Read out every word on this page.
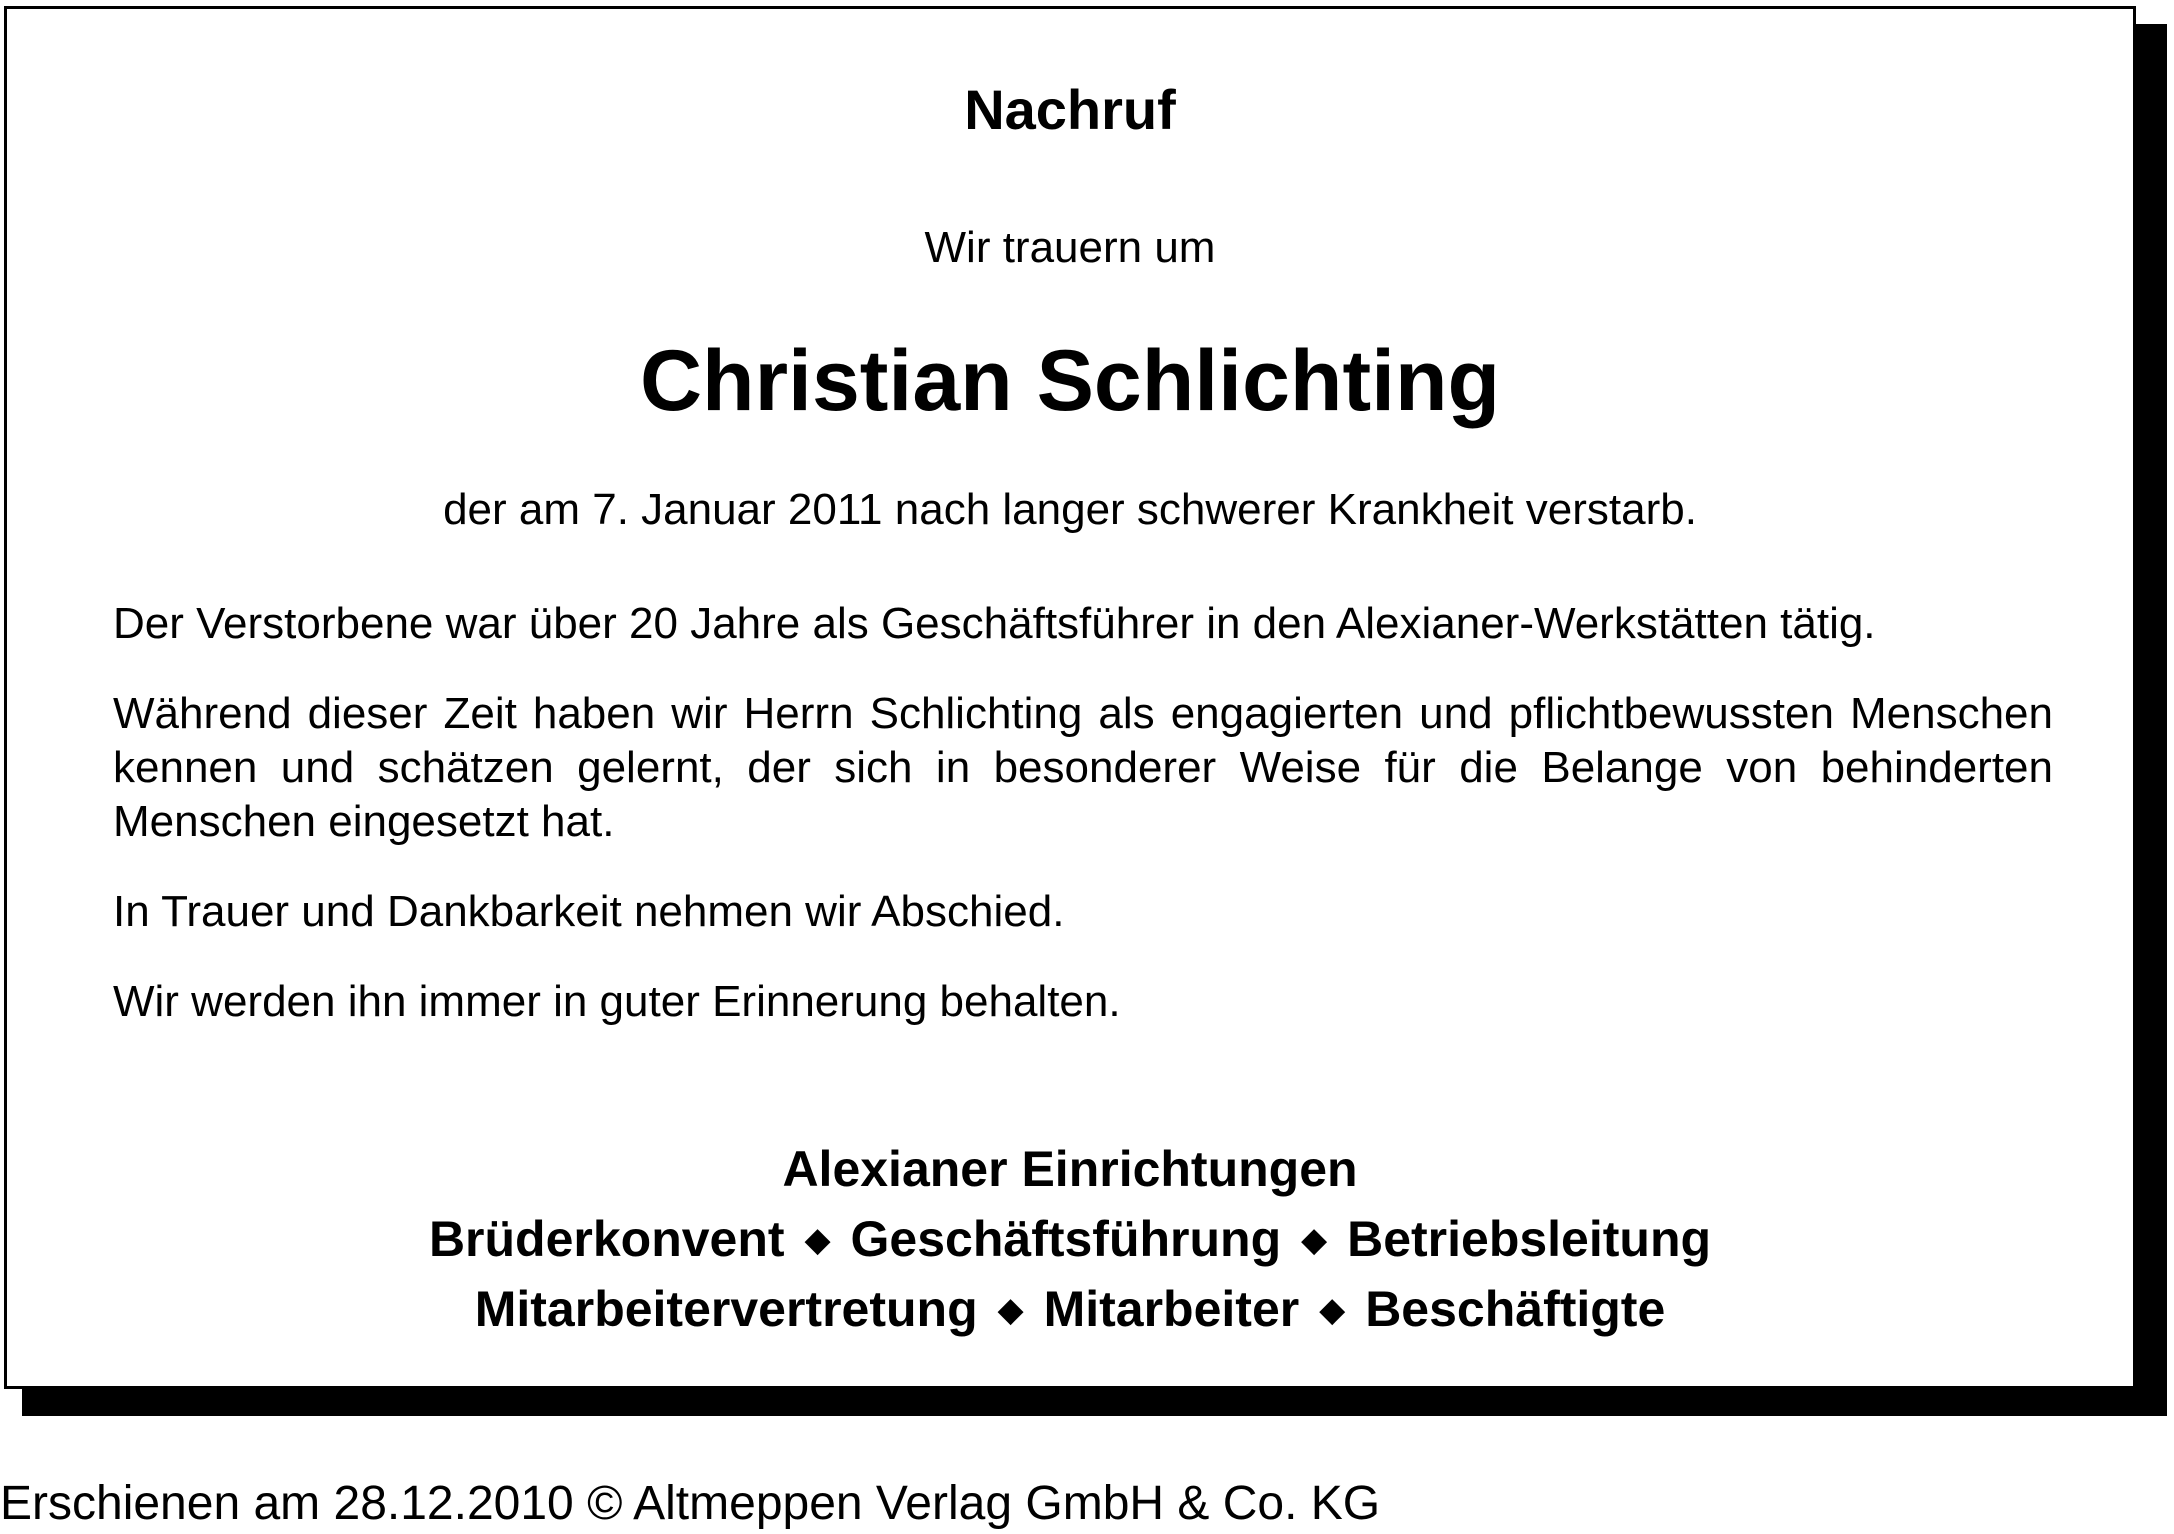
Nachruf
Wir trauern um
Christian Schlichting
der am 7. Januar 2011 nach langer schwerer Krankheit verstarb.
Der Verstorbene war über 20 Jahre als Geschäftsführer in den Alexianer-Werkstätten tätig.
Während dieser Zeit haben wir Herrn Schlichting als engagierten und pflichtbewussten Menschen kennen und schätzen gelernt, der sich in besonderer Weise für die Belange von behinderten Menschen eingesetzt hat.
In Trauer und Dankbarkeit nehmen wir Abschied.
Wir werden ihn immer in guter Erinnerung behalten.
Alexianer Einrichtungen
Brüderkonvent ◆ Geschäftsführung ◆ Betriebsleitung
Mitarbeitervertretung ◆ Mitarbeiter ◆ Beschäftigte
Erschienen am 28.12.2010 © Altmeppen Verlag GmbH & Co. KG
